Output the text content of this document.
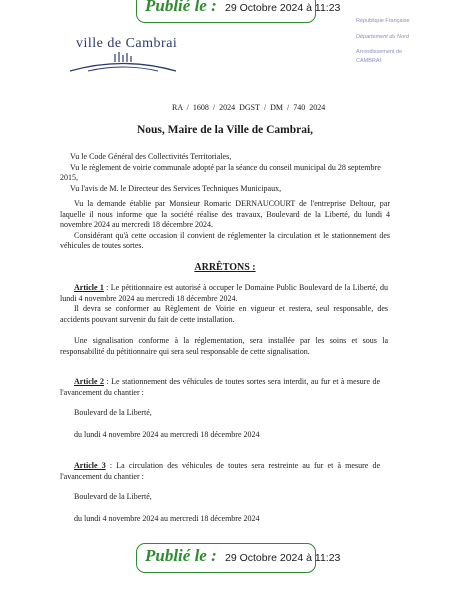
Publié le : 29 Octobre 2024 à 11:23
ville de Cambrai
République Française
Département du Nord
Arrondissement de
CAMBRAI
RA / 1608 / 2024 DGST / DM / 740 2024
Nous, Maire de la Ville de Cambrai,
Vu le Code Général des Collectivités Territoriales,
Vu le règlement de voirie communale adopté par la séance du conseil municipal du 28 septembre 2015,
Vu l'avis de M. le Directeur des Services Techniques Municipaux,
Vu la demande établie par Monsieur Romaric DERNAUCOURT de l'entreprise Deltour, par laquelle il nous informe que la société réalise des travaux, Boulevard de la Liberté, du lundi 4 novembre 2024 au mercredi 18 décembre 2024.
Considérant qu'à cette occasion il convient de réglementer la circulation et le stationnement des véhicules de toutes sortes.
ARRÊTONS :
Article 1 : Le pétitionnaire est autorisé à occuper le Domaine Public Boulevard de la Liberté, du lundi 4 novembre 2024 au mercredi 18 décembre 2024.
Il devra se conformer au Règlement de Voirie en vigueur et restera, seul responsable, des accidents pouvant survenir du fait de cette installation.
Une signalisation conforme à la réglementation, sera installée par les soins et sous la responsabilité du pétitionnaire qui sera seul responsable de cette signalisation.
Article 2 : Le stationnement des véhicules de toutes sortes sera interdit, au fur et à mesure de l'avancement du chantier :
Boulevard de la Liberté,
du lundi 4 novembre 2024 au mercredi 18 décembre 2024
Article 3 : La circulation des véhicules de toutes sera restreinte au fur et à mesure de l'avancement du chantier :
Boulevard de la Liberté,
du lundi 4 novembre 2024 au mercredi 18 décembre 2024
Publié le : 29 Octobre 2024 à 11:23
